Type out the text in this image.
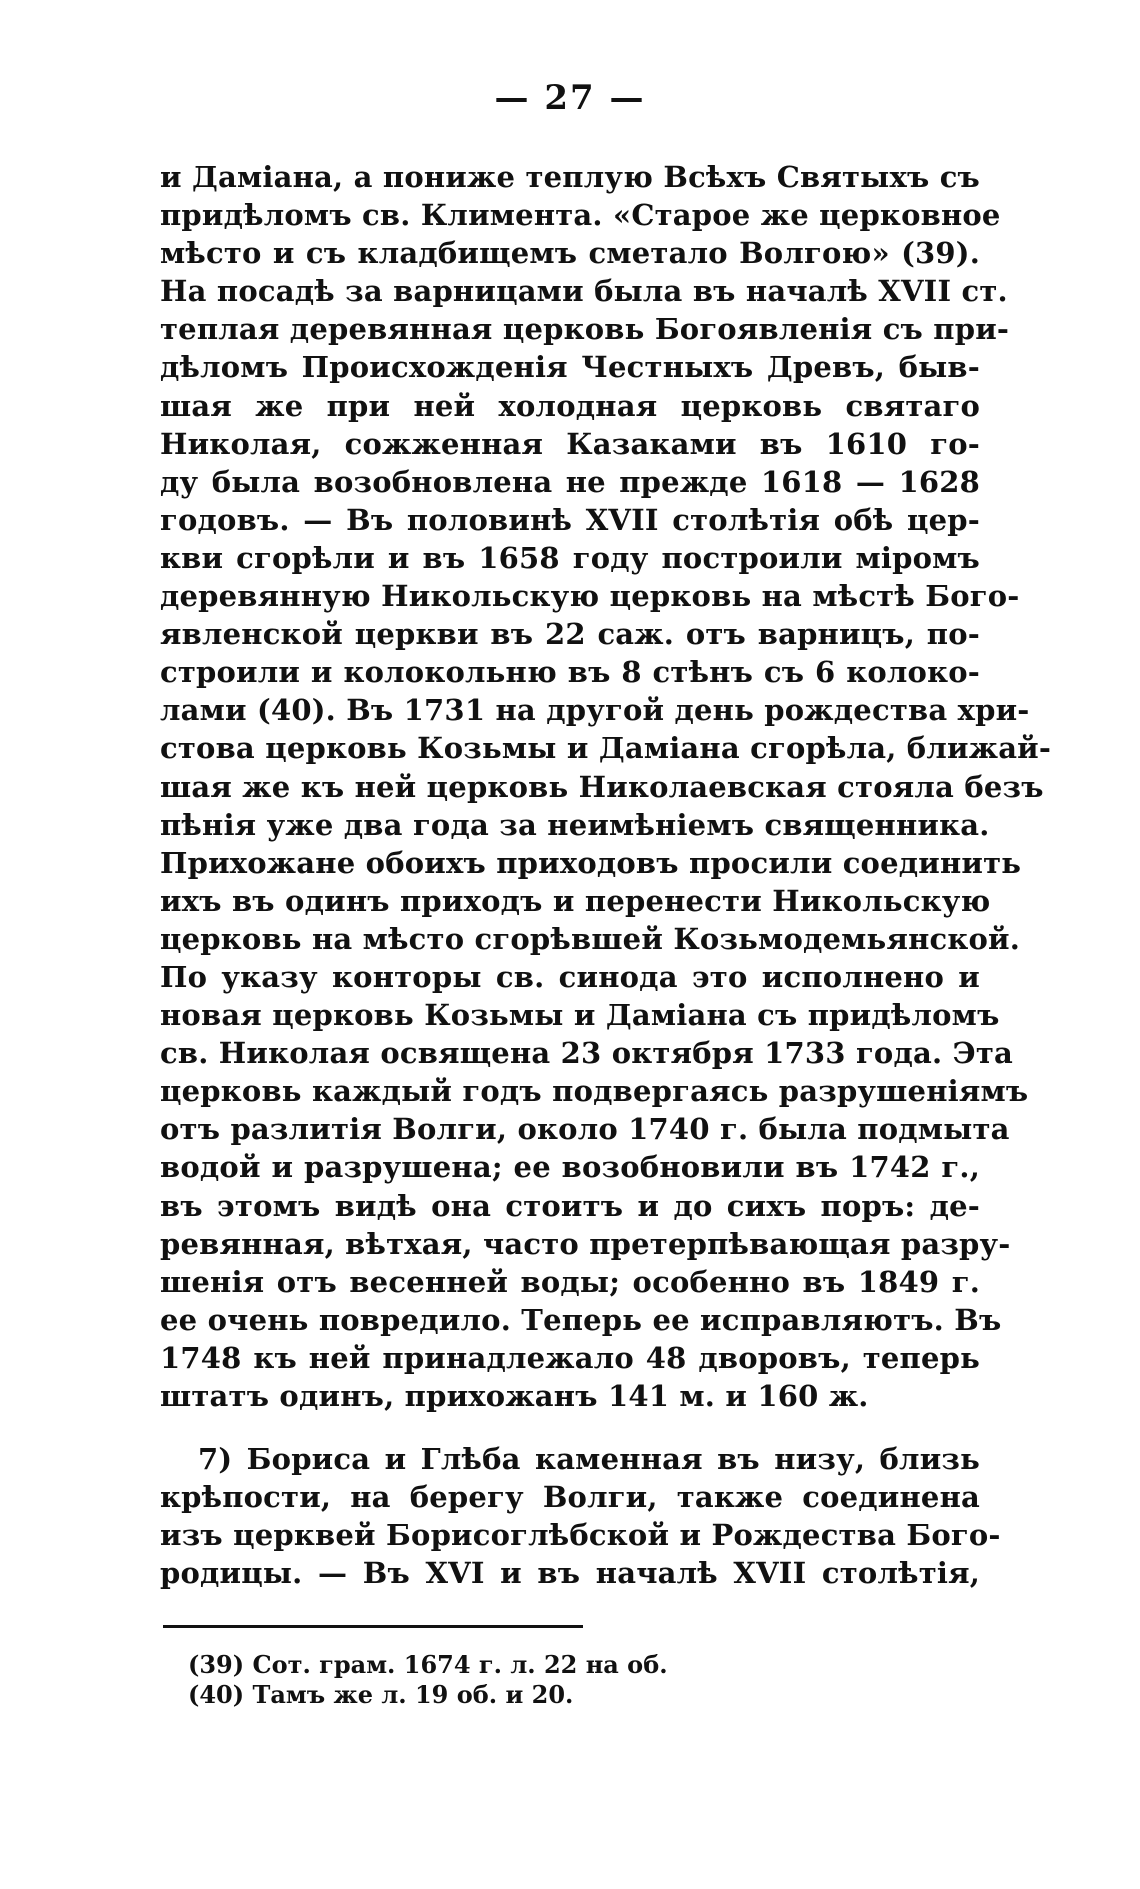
— 27 —
и Даміана, а пониже теплую Всѣхъ Святыхъ съ
придѣломъ св. Климента. «Старое же церковное
мѣсто и съ кладбищемъ сметало Волгою» (39).
На посадѣ за варницами была въ началѣ XVII ст.
теплая деревянная церковь Богоявленія съ при-
дѣломъ Происхожденія Честныхъ Древъ, быв-
шая же при ней холодная церковь святаго
Николая, сожженная Казаками въ 1610 го-
ду была возобновлена не прежде 1618 — 1628
годовъ. — Въ половинѣ XVII столѣтія обѣ цер-
кви сгорѣли и въ 1658 году построили міромъ
деревянную Никольскую церковь на мѣстѣ Бого-
явленской церкви въ 22 саж. отъ варницъ, по-
строили и колокольню въ 8 стѣнъ съ 6 колоко-
лами (40). Въ 1731 на другой день рождества хри-
стова церковь Козьмы и Даміана сгорѣла, ближай-
шая же къ ней церковь Николаевская стояла безъ
пѣнія уже два года за неимѣніемъ священника.
Прихожане обоихъ приходовъ просили соединить
ихъ въ одинъ приходъ и перенести Никольскую
церковь на мѣсто сгорѣвшей Козьмодемьянской.
По указу конторы св. синода это исполнено и
новая церковь Козьмы и Даміана съ придѣломъ
св. Николая освящена 23 октября 1733 года. Эта
церковь каждый годъ подвергаясь разрушеніямъ
отъ разлитія Волги, около 1740 г. была подмыта
водой и разрушена; ее возобновили въ 1742 г.,
въ этомъ видѣ она стоитъ и до сихъ поръ: де-
ревянная, вѣтхая, часто претерпѣвающая разру-
шенія отъ весенней воды; особенно въ 1849 г.
ее очень повредило. Теперь ее исправляютъ. Въ
1748 къ ней принадлежало 48 дворовъ, теперь
штатъ одинъ, прихожанъ 141 м. и 160 ж.
7) Бориса и Глѣба каменная въ низу, близь
крѣпости, на берегу Волги, также соединена
изъ церквей Борисоглѣбской и Рождества Бого-
родицы. — Въ XVI и въ началѣ XVII столѣтія,
(39) Сот. грам. 1674 г. л. 22 на об.
(40) Тамъ же л. 19 об. и 20.
